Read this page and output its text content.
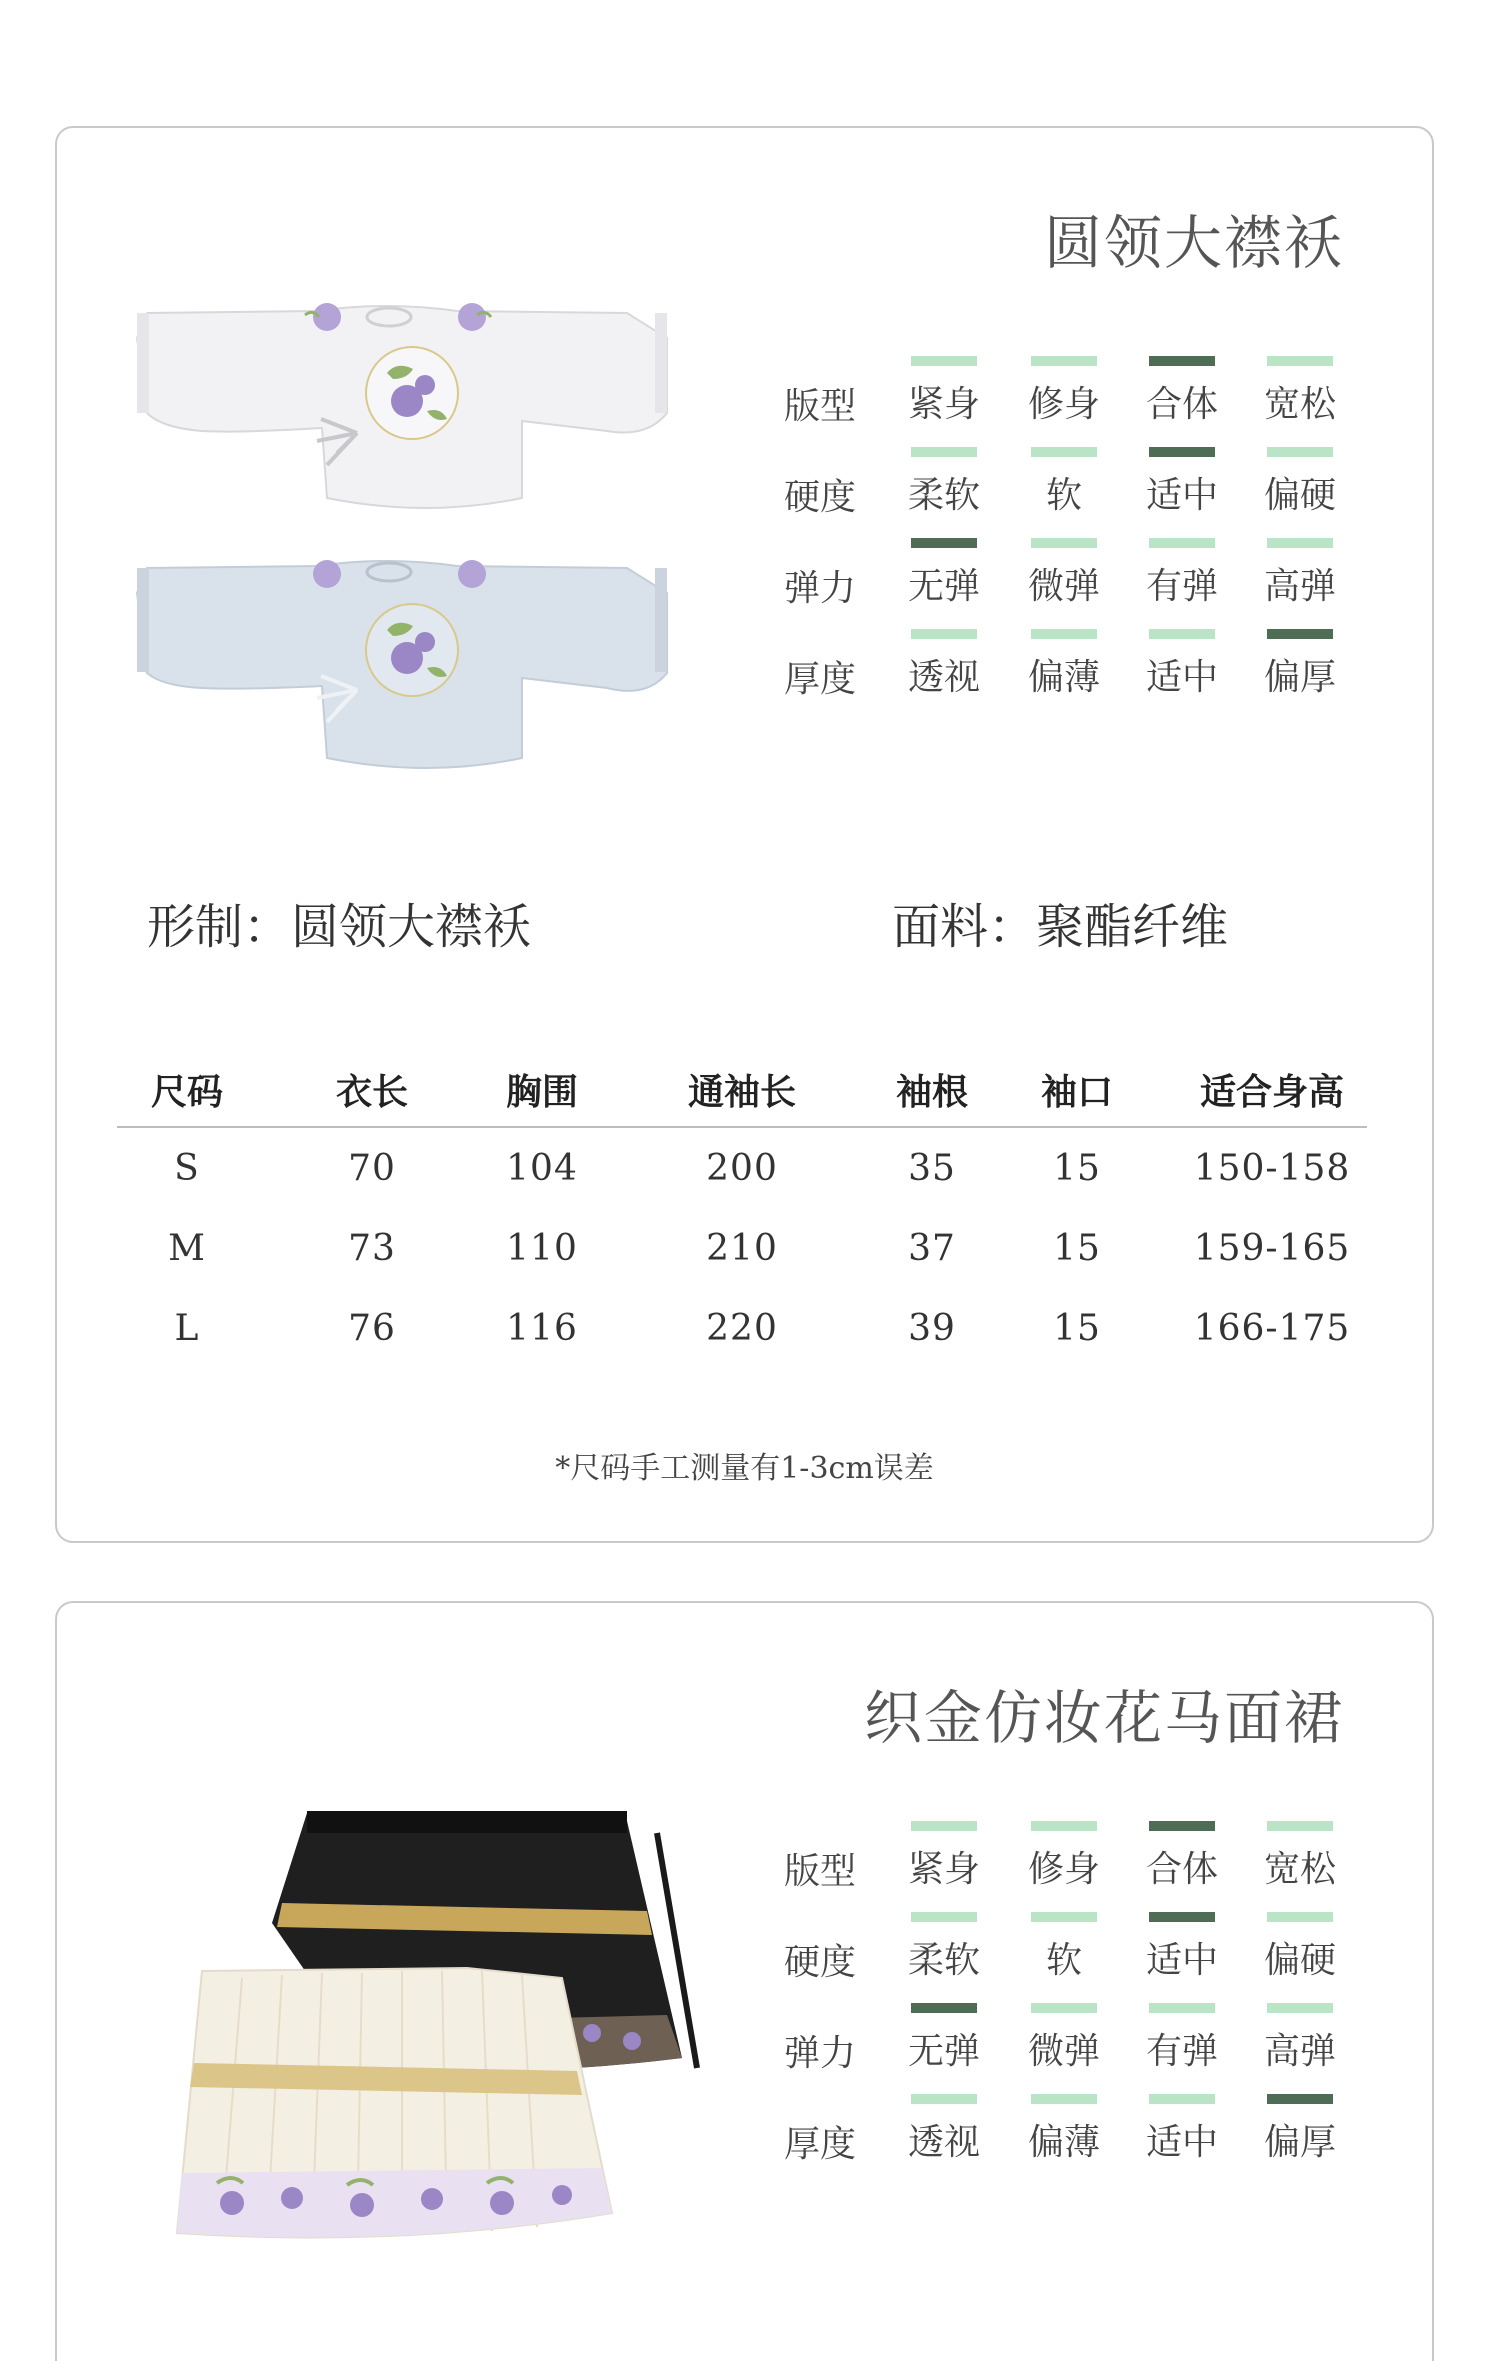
圆领大襟袄
版型 紧身 修身 合体 宽松
硬度 柔软	软	适中 偏硬
弹力 无弹 微弹 有弹 高弹
厚度 透视 偏薄 适中 偏厚
形制：圆领大襟袄	面料：聚酯纤维
尺码	衣长	胸围	通袖长	袖根	袖口	适合身高
S	70	104	200	35	15	150-158
M	73	110	210	37	15	159-165
L	76	116	220	39	15	166-175
*尺码手工测量有1-3cm误差
织金仿妆花马面裙
版型 紧身 修身 合体 宽松
硬度 柔软	软	适中 偏硬
弹力 无弹 微弹 有弹 高弹
厚度 透视 偏薄 适中 偏厚
